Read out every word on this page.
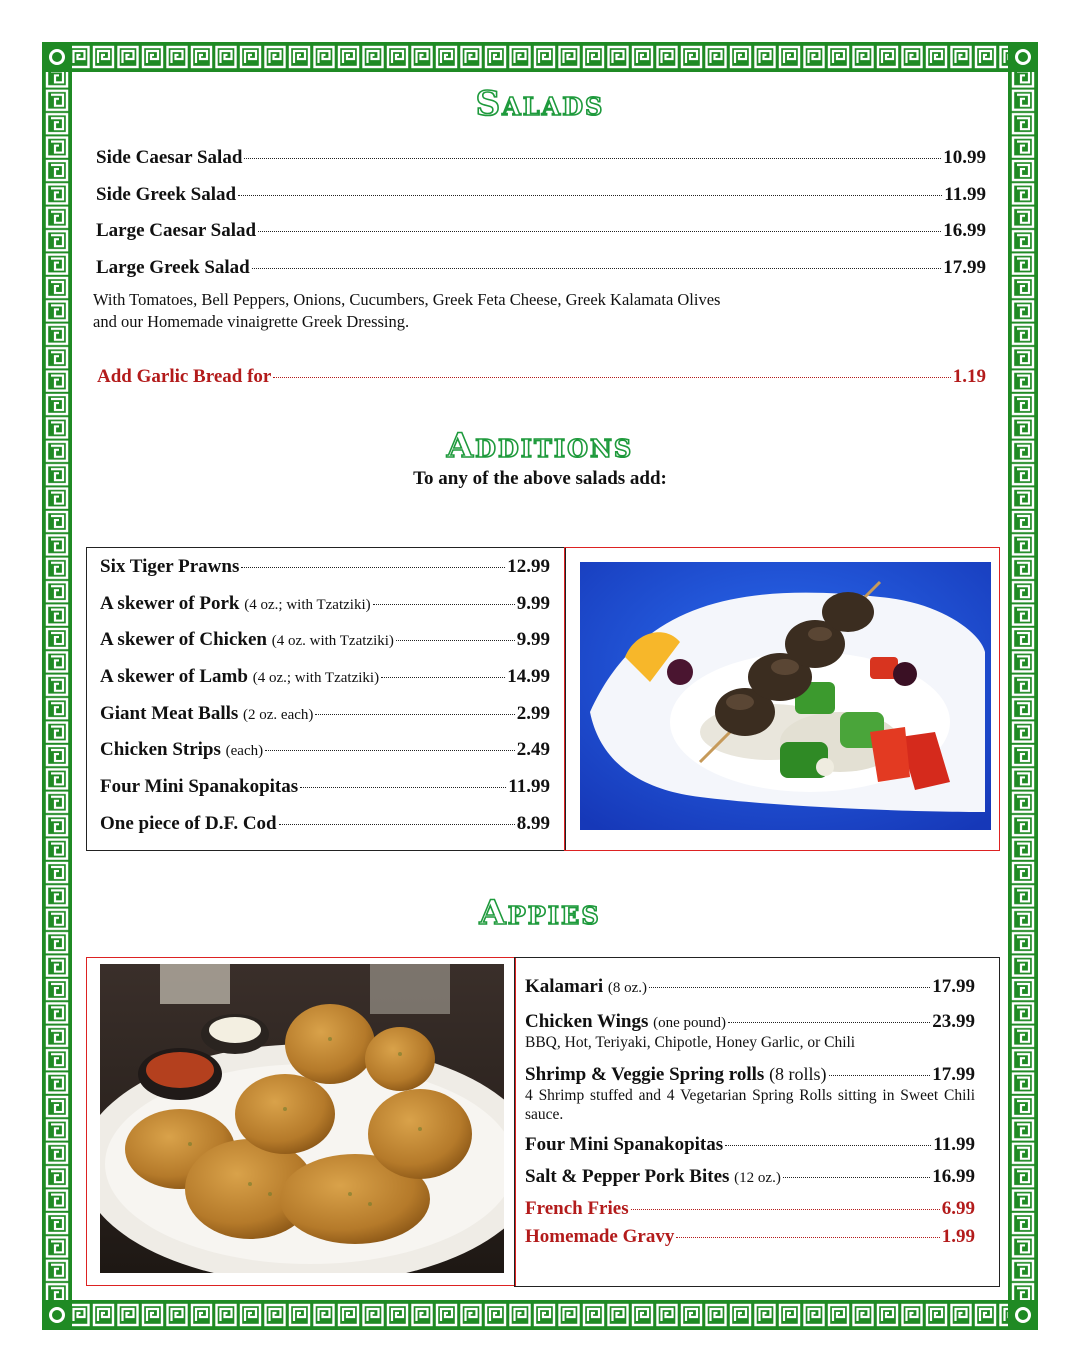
Salads
Side Caesar Salad	10.99
Side Greek Salad	11.99
Large Caesar Salad	16.99
Large Greek Salad	17.99
With Tomatoes, Bell Peppers, Onions, Cucumbers, Greek Feta Cheese, Greek Kalamata Olives
and our Homemade vinaigrette Greek Dressing.
Add Garlic Bread for	1.19
Additions
To any of the above salads add:
Six Tiger Prawns	12.99
A skewer of Pork
(4 oz.; with Tzatziki)	9.99
A skewer of Chicken
(4 oz. with Tzatziki)	9.99
A skewer of Lamb
(4 oz.; with Tzatziki)	14.99
Giant Meat Balls
(2 oz. each)	2.99
Chicken Strips
(each)	2.49
Four Mini Spanakopitas	11.99
One piece of D.F. Cod	8.99
Appies
Kalamari
(8 oz.)	17.99
Chicken Wings
(one pound)	23.99
BBQ, Hot, Teriyaki, Chipotle, Honey Garlic, or Chili
Shrimp & Veggie Spring rolls
(8 rolls)	17.99
4 Shrimp stuffed and 4 Vegetarian Spring Rolls sitting in Sweet Chili sauce.
Four Mini Spanakopitas	11.99
Salt & Pepper Pork Bites
(12 oz.)	16.99
French Fries	6.99
Homemade Gravy	1.99
